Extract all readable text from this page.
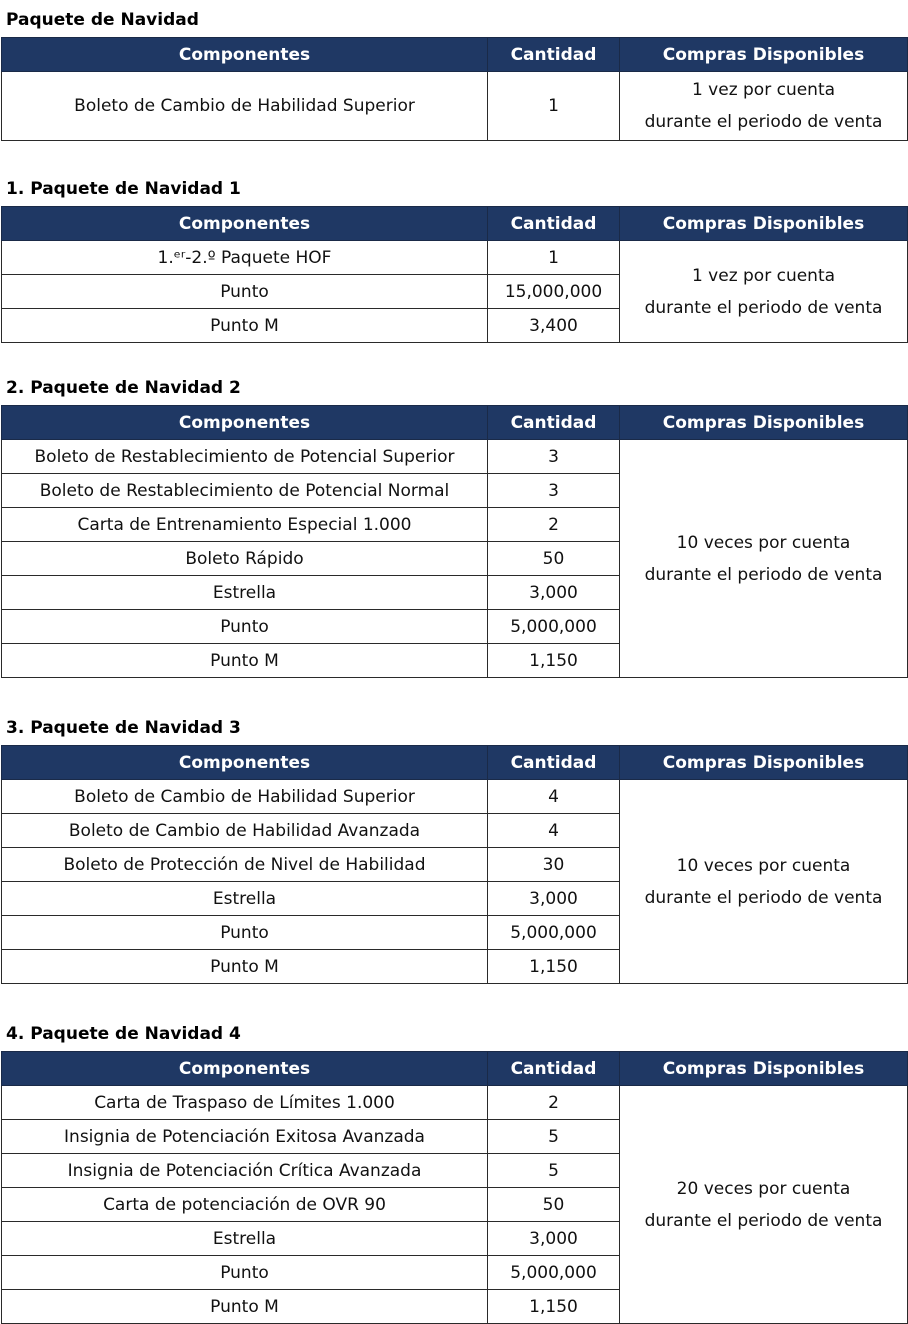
Paquete de Navidad
Componentes	Cantidad	Compras Disponibles
Boleto de Cambio de Habilidad Superior	1	1 vez por cuenta
durante el periodo de venta
1. Paquete de Navidad 1
Componentes	Cantidad	Compras Disponibles
1.ᵉʳ-2.º Paquete HOF	1	1 vez por cuenta
durante el periodo de venta

Punto	15,000,000	
Punto M	3,400	
2. Paquete de Navidad 2
Componentes	Cantidad	Compras Disponibles
Boleto de Restablecimiento de Potencial Superior	3	10 veces por cuenta
durante el periodo de venta

Boleto de Restablecimiento de Potencial Normal	3	
Carta de Entrenamiento Especial 1.000	2	
Boleto Rápido	50	
Estrella	3,000	
Punto	5,000,000	
Punto M	1,150	
3. Paquete de Navidad 3
Componentes	Cantidad	Compras Disponibles
Boleto de Cambio de Habilidad Superior	4	10 veces por cuenta
durante el periodo de venta

Boleto de Cambio de Habilidad Avanzada	4	
Boleto de Protección de Nivel de Habilidad	30	
Estrella	3,000	
Punto	5,000,000	
Punto M	1,150	
4. Paquete de Navidad 4
Componentes	Cantidad	Compras Disponibles
Carta de Traspaso de Límites 1.000	2	20 veces por cuenta
durante el periodo de venta

Insignia de Potenciación Exitosa Avanzada	5	
Insignia de Potenciación Crítica Avanzada	5	
Carta de potenciación de OVR 90	50	
Estrella	3,000	
Punto	5,000,000	
Punto M	1,150	
